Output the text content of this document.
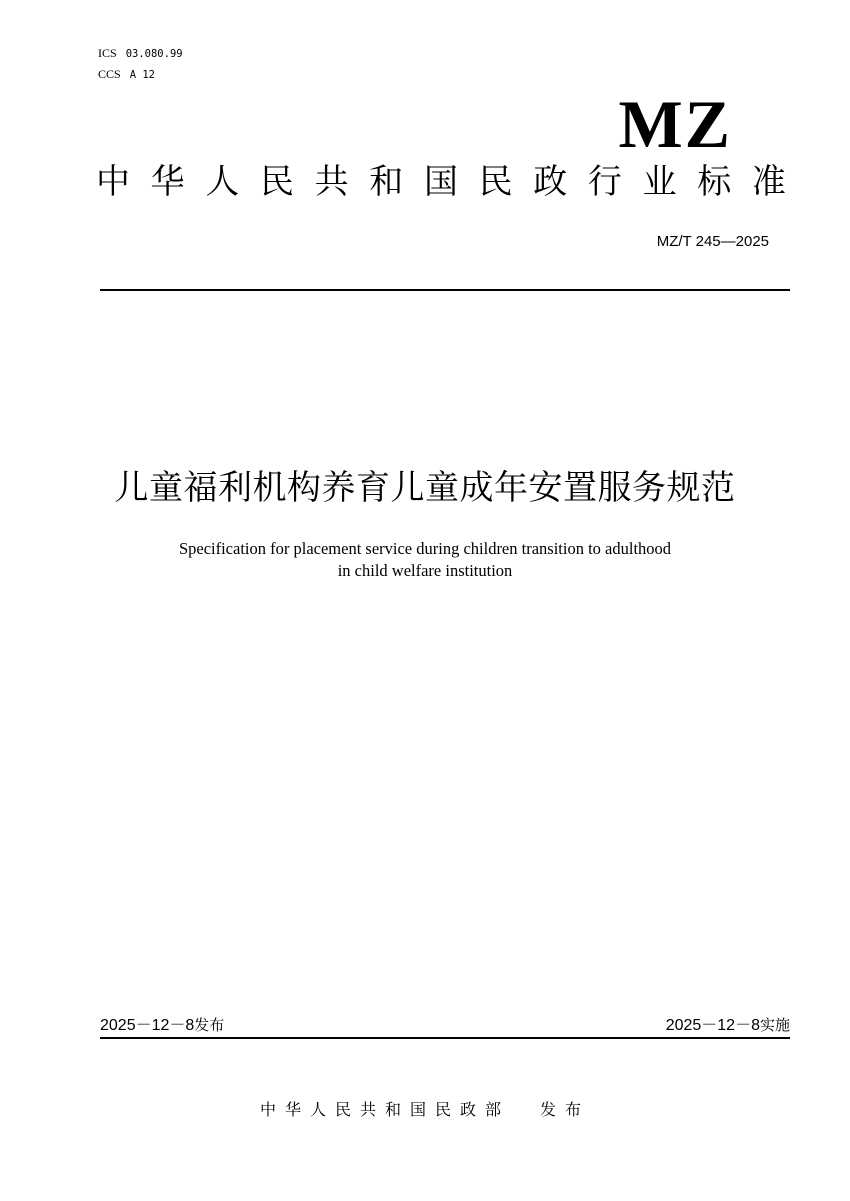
ICS 03.080.99
CCS A 12
MZ
中 华 人 民 共 和 国 民 政 行 业 标 准
MZ/T 245—2025
儿童福利机构养育儿童成年安置服务规范
Specification for placement service during children transition to adulthood
in child welfare institution
2025－12－8发布	2025－12－8实施
中华人民共和国民政部 发布
